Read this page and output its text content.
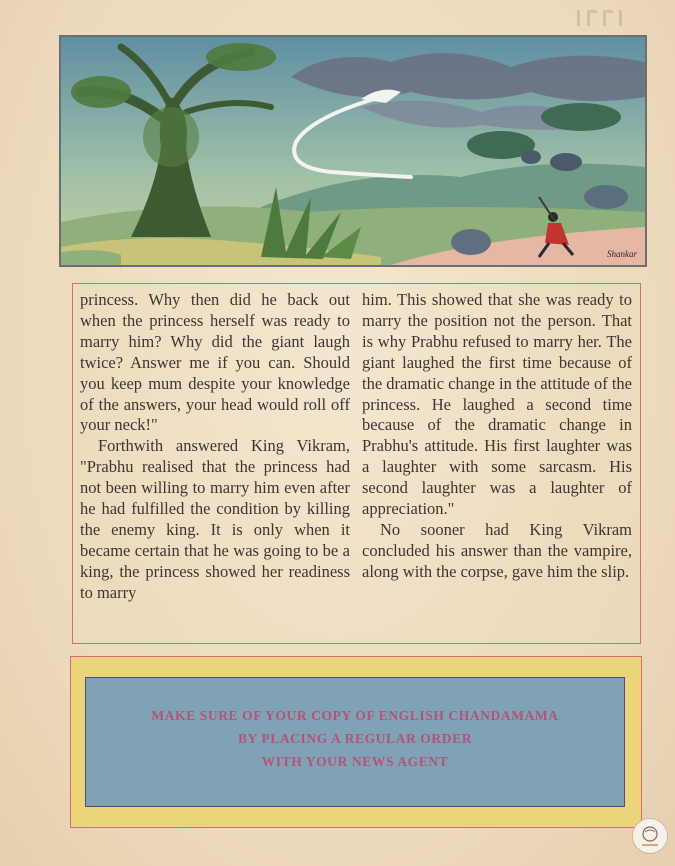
Shankar

princess. Why then did he back out when the princess herself was ready to marry him? Why did the giant laugh twice? Answer me if you can. Should you keep mum despite your knowledge of the answers, your head would roll off your neck!"

Forthwith answered King Vikram, "Prabhu realised that the princess had not been willing to marry him even after he had fulfilled the condition by killing the enemy king. It is only when it became certain that he was going to be a king, the princess showed her readiness to marry

him. This showed that she was ready to marry the position not the person. That is why Prabhu refused to marry her. The giant laughed the first time because of the dramatic change in the attitude of the princess. He laughed a second time because of the dramatic change in Prabhu's attitude. His first laughter was a laughter with some sarcasm. His second laughter was a laughter of appreciation."

No sooner had King Vikram concluded his answer than the vampire, along with the corpse, gave him the slip.

MAKE SURE OF YOUR COPY OF ENGLISH CHANDAMAMA
BY PLACING A REGULAR ORDER
WITH YOUR NEWS AGENT
